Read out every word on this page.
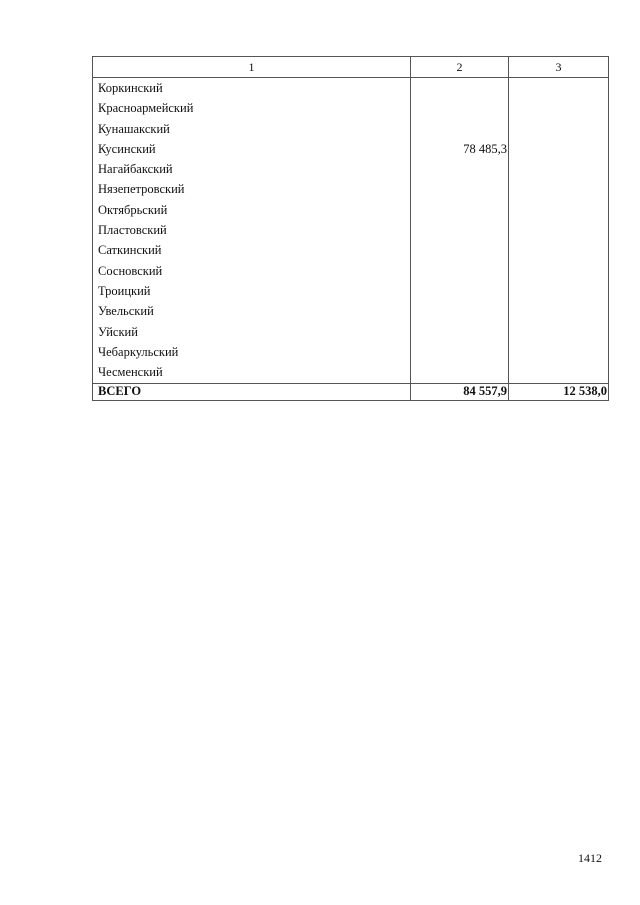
1	2	3
Коркинский		
Красноармейский		
Кунашакский		
Кусинский	78 485,3	
Нагайбакский		
Нязепетровский		
Октябрьский		
Пластовский		
Саткинский		
Сосновский		
Троицкий		
Увельский		
Уйский		
Чебаркульский		
Чесменский		
ВСЕГО	84 557,9	12 538,0
1412
